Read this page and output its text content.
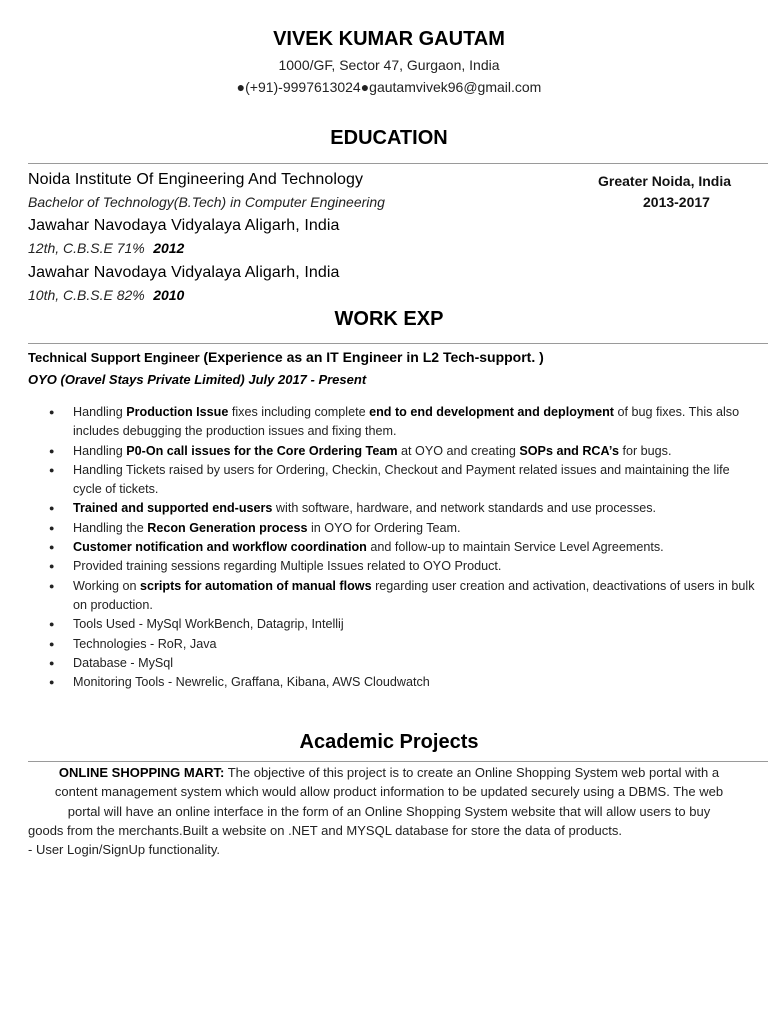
VIVEK KUMAR GAUTAM
1000/GF, Sector 47, Gurgaon, India
●(+91)-9997613024●gautamvivek96@gmail.com
EDUCATION
Noida Institute Of Engineering And Technology	Greater Noida, India
Bachelor of Technology(B.Tech) in Computer Engineering	2013-2017
Jawahar Navodaya Vidyalaya Aligarh, India
12th, C.B.S.E 71% 2012
Jawahar Navodaya Vidyalaya Aligarh, India
10th, C.B.S.E 82% 2010
WORK EXP
Technical Support Engineer (Experience as an IT Engineer in L2 Tech-support. )
OYO (Oravel Stays Private Limited) July 2017 - Present
● Handling Production Issue fixes including complete end to end development and deployment of bug fixes. This also includes debugging the production issues and fixing them.
● Handling P0-On call issues for the Core Ordering Team at OYO and creating SOPs and RCA’s for bugs.
● Handling Tickets raised by users for Ordering, Checkin, Checkout and Payment related issues and maintaining the life cycle of tickets.
● Trained and supported end-users with software, hardware, and network standards and use processes.
● Handling the Recon Generation process in OYO for Ordering Team.
● Customer notification and workflow coordination and follow-up to maintain Service Level Agreements.
● Provided training sessions regarding Multiple Issues related to OYO Product.
● Working on scripts for automation of manual flows regarding user creation and activation, deactivations of users in bulk on production.
● Tools Used - MySql WorkBench, Datagrip, Intellij
● Technologies - RoR, Java
● Database - MySql
● Monitoring Tools - Newrelic, Graffana, Kibana, AWS Cloudwatch
Academic Projects
ONLINE SHOPPING MART: The objective of this project is to create an Online Shopping System web portal with a
content management system which would allow product information to be updated securely using a DBMS. The web
portal will have an online interface in the form of an Online Shopping System website that will allow users to buy
goods from the merchants.Built a website on .NET and MYSQL database for store the data of products.
- User Login/SignUp functionality.
